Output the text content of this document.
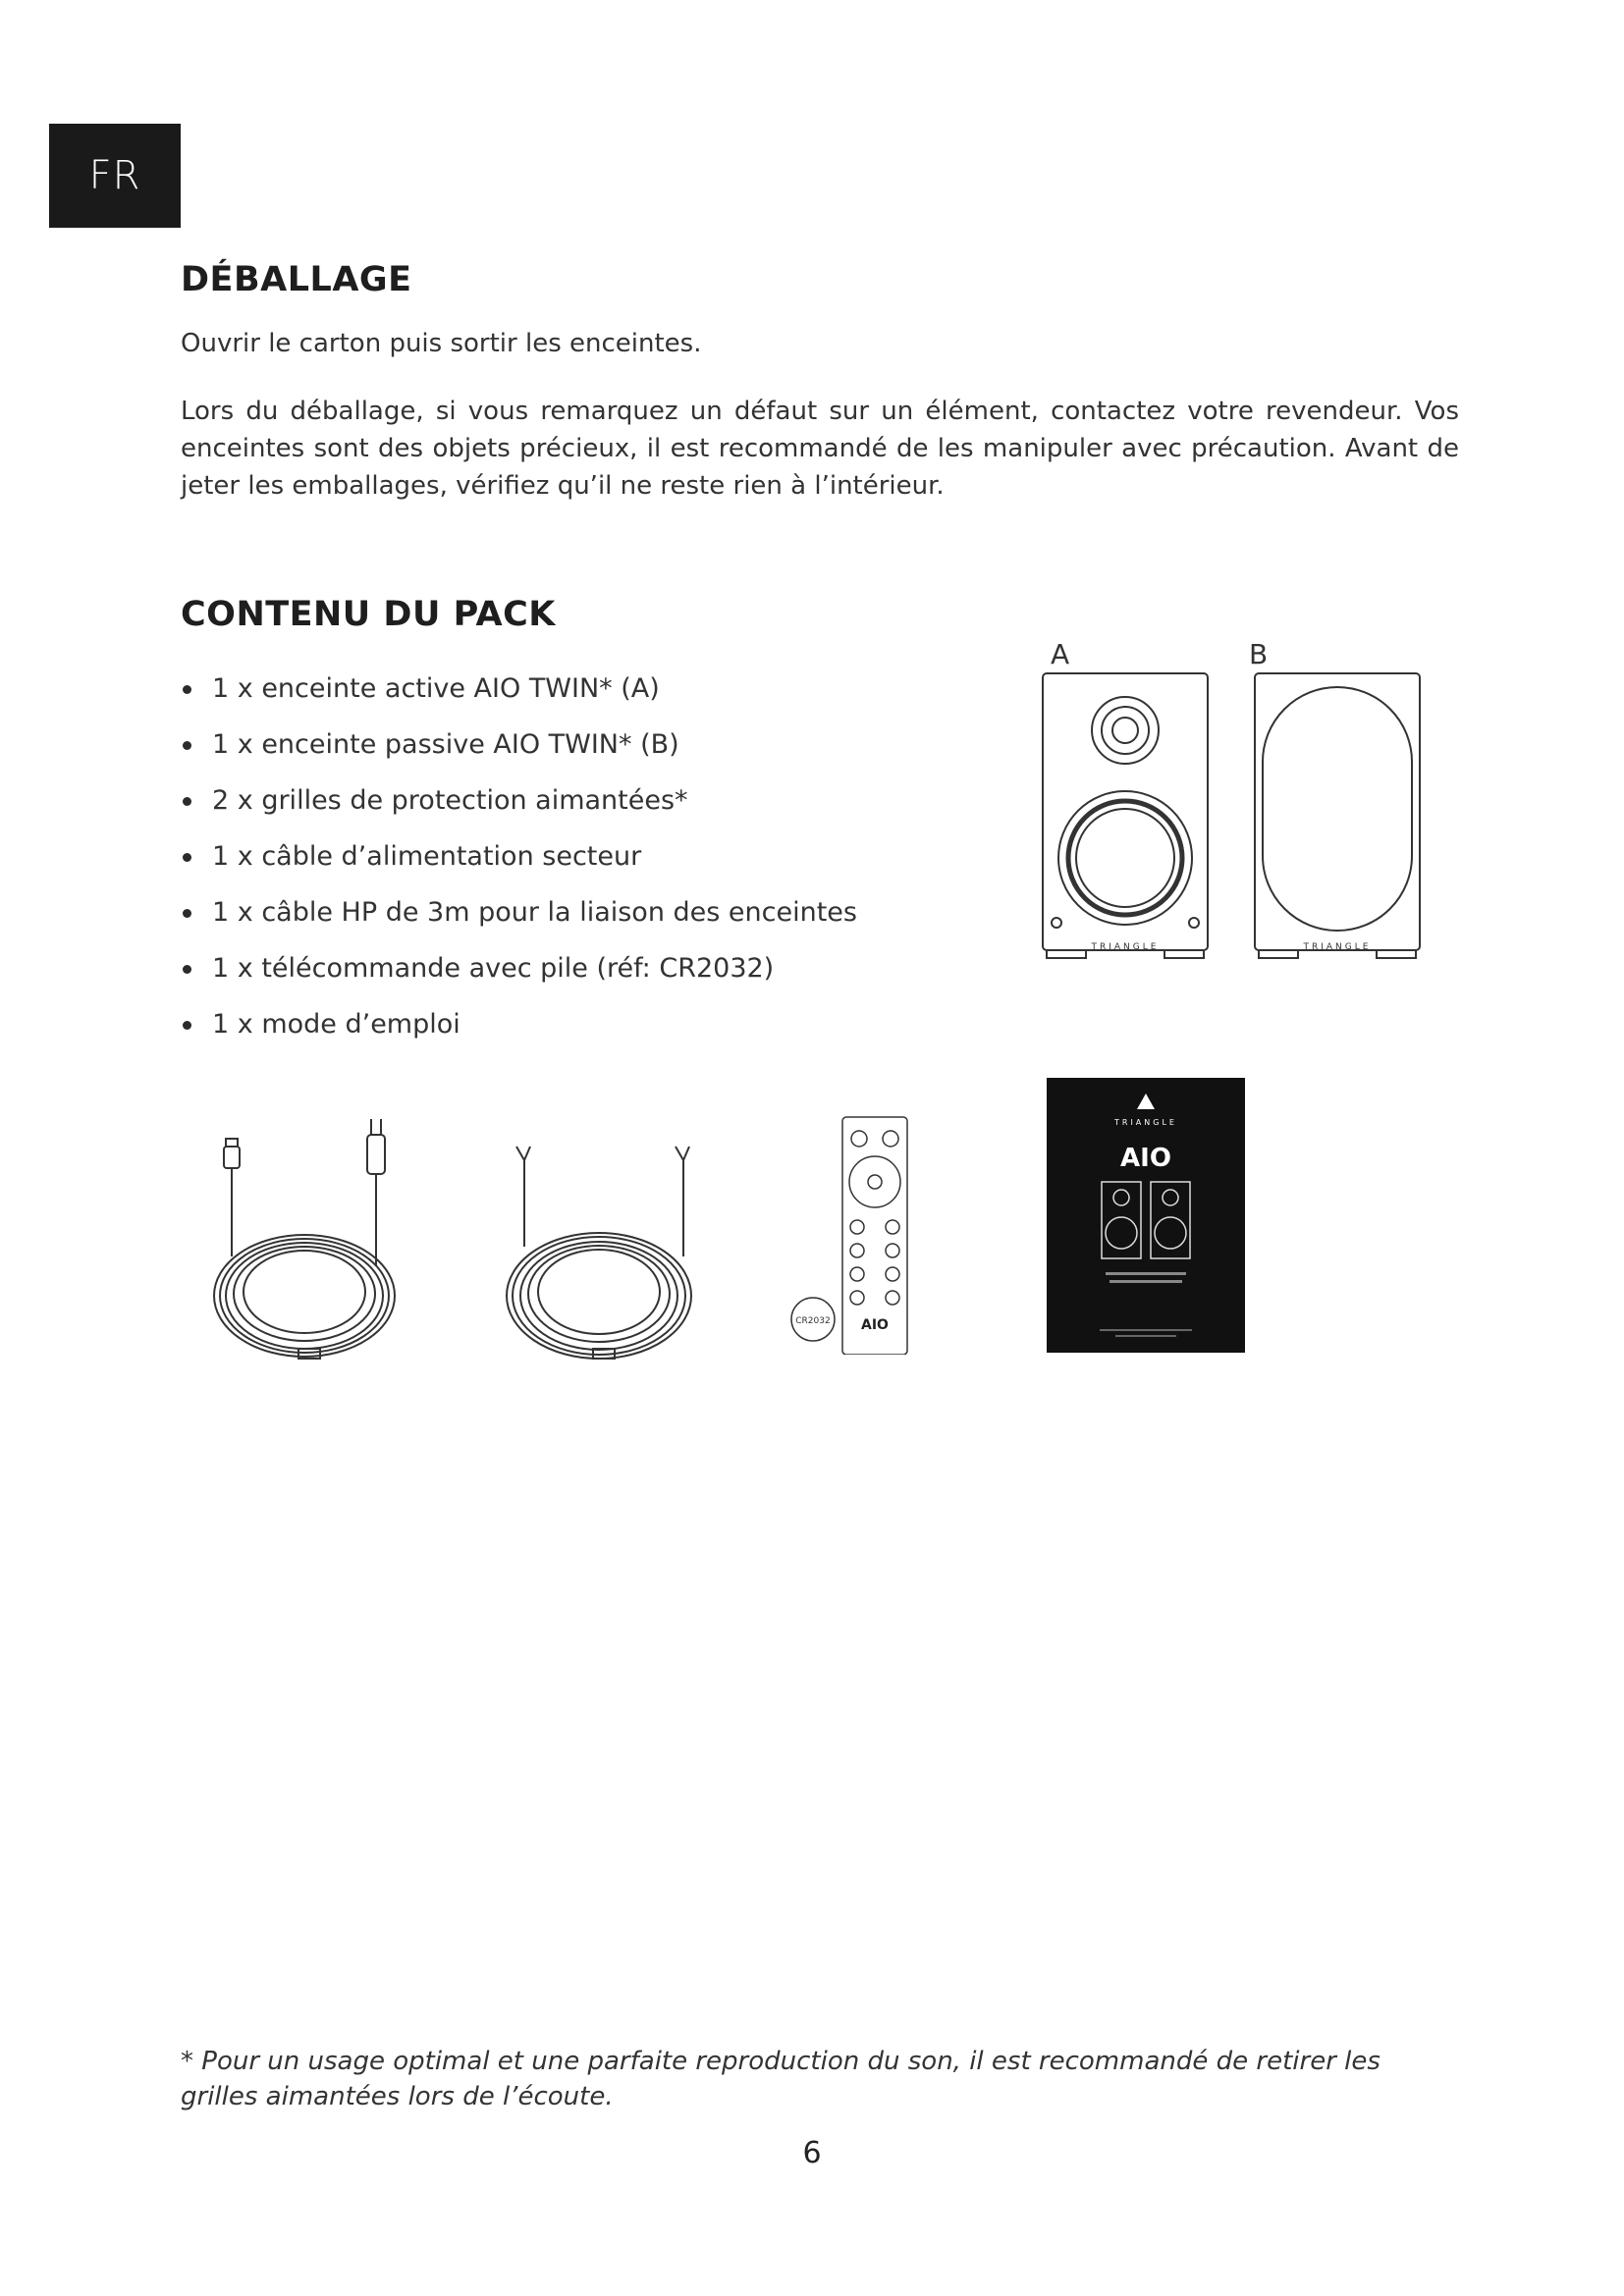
FR
DÉBALLAGE

Ouvrir le carton puis sortir les enceintes.

Lors du déballage, si vous remarquez un défaut sur un élément, contactez votre revendeur. Vos enceintes sont des objets précieux, il est recommandé de les manipuler avec précaution. Avant de jeter les emballages, vérifiez qu’il ne reste rien à l’intérieur.

CONTENU DU PACK
1 x enceinte active AIO TWIN* (A)
1 x enceinte passive AIO TWIN* (B)
2 x grilles de protection aimantées*
1 x câble d’alimentation secteur
1 x câble HP de 3m pour la liaison des enceintes
1 x télécommande avec pile (réf: CR2032)
1 x mode d’emploi
A	B
TRIANGLE	TRIANGLE
CR2032 AIO
TRIANGLE
AIO

* Pour un usage optimal et une parfaite reproduction du son, il est recommandé de retirer les grilles aimantées lors de l’écoute.

6
